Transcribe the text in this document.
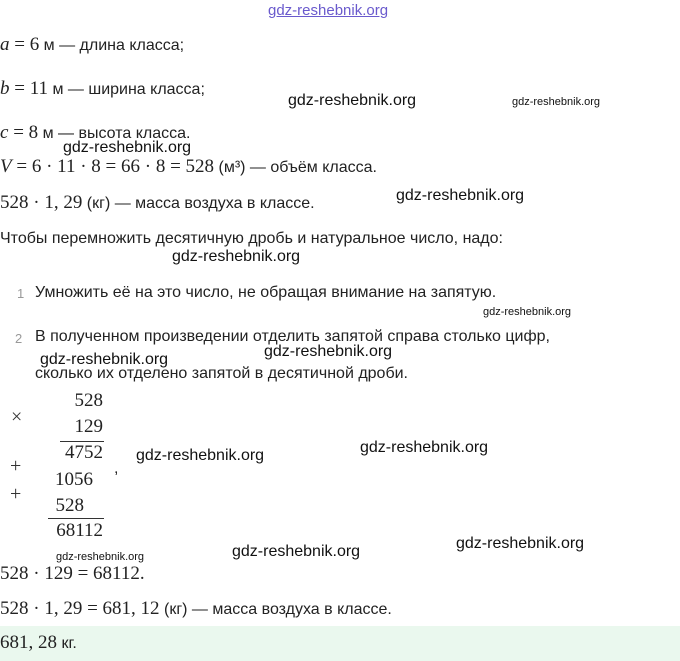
gdz-reshebnik.org
a = 6 м — длина класса;
b = 11 м — ширина класса;
c = 8 м — высота класса.
V = 6 · 11 · 8 = 66 · 8 = 528 (м³) — объём класса.
528 · 1, 29 (кг) — масса воздуха в классе.
Чтобы перемножить десятичную дробь и натуральное число, надо:
1 Умножить её на это число, не обращая внимание на запятую.
2 В полученном произведении отделить запятой справа столько цифр,
сколько их отделено запятой в десятичной дроби.
×
528
129
4752
,
+
1056
+
528
68112
528 · 129 = 68112.
528 · 1, 29 = 681, 12 (кг) — масса воздуха в классе.
681, 28 кг.
gdz-reshebnik.org	gdz-reshebnik.org
gdz-reshebnik.org
gdz-reshebnik.org
gdz-reshebnik.org
gdz-reshebnik.org
gdz-reshebnik.org	gdz-reshebnik.org
gdz-reshebnik.org
gdz-reshebnik.org
gdz-reshebnik.org	gdz-reshebnik.org	gdz-reshebnik.org
